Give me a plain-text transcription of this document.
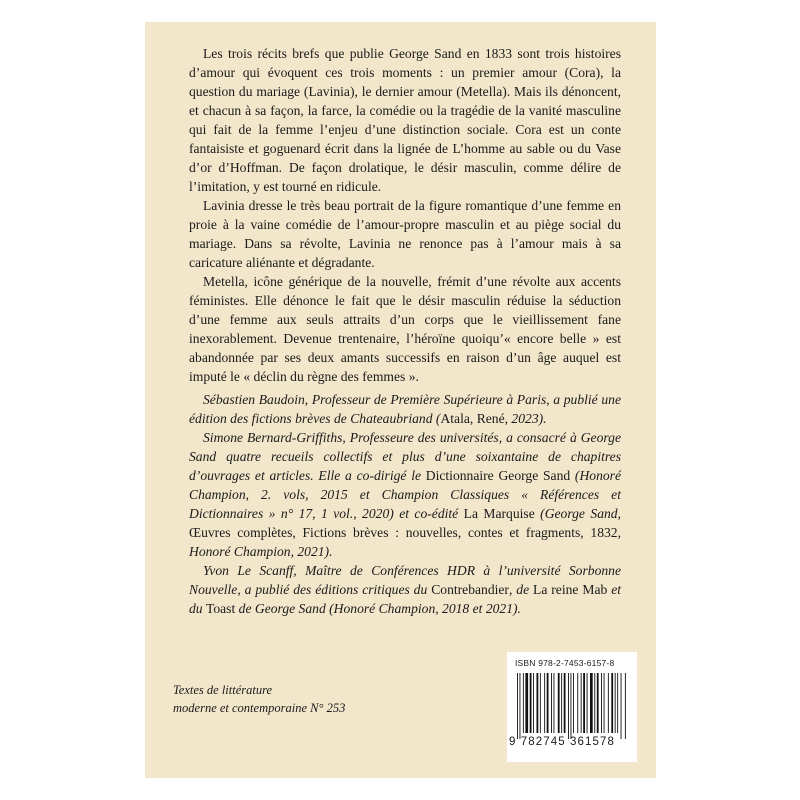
Les trois récits brefs que publie George Sand en 1833 sont trois histoires d’amour qui évoquent ces trois moments : un premier amour (Cora), la question du mariage (Lavinia), le dernier amour (Metella). Mais ils dénoncent, et chacun à sa façon, la farce, la comédie ou la tragédie de la vanité masculine qui fait de la femme l’enjeu d’une distinction sociale. Cora est un conte fantaisiste et goguenard écrit dans la lignée de L’homme au sable ou du Vase d’or d’Hoffman. De façon drolatique, le désir masculin, comme délire de l’imitation, y est tourné en ridicule.

Lavinia dresse le très beau portrait de la figure romantique d’une femme en proie à la vaine comédie de l’amour-propre masculin et au piège social du mariage. Dans sa révolte, Lavinia ne renonce pas à l’amour mais à sa caricature aliénante et dégradante.

Metella, icône générique de la nouvelle, frémit d’une révolte aux accents féministes. Elle dénonce le fait que le désir masculin réduise la séduction d’une femme aux seuls attraits d’un corps que le vieillissement fane inexorablement. Devenue trentenaire, l’héroïne quoiqu’« encore belle » est abandonnée par ses deux amants successifs en raison d’un âge auquel est imputé le « déclin du règne des femmes ».

Sébastien Baudoin, Professeur de Première Supérieure à Paris, a publié une édition des fictions brèves de Chateaubriand (Atala, René, 2023).

Simone Bernard-Griffiths, Professeure des universités, a consacré à George Sand quatre recueils collectifs et plus d’une soixantaine de chapitres d’ouvrages et articles. Elle a co-dirigé le Dictionnaire George Sand (Honoré Champion, 2. vols, 2015 et Champion Classiques « Références et Dictionnaires » n° 17, 1 vol., 2020) et co-édité La Marquise (George Sand, Œuvres complètes, Fictions brèves : nouvelles, contes et fragments, 1832, Honoré Champion, 2021).

Yvon Le Scanff, Maître de Conférences HDR à l’université Sorbonne Nouvelle, a publié des éditions critiques du Contrebandier, de La reine Mab et du Toast de George Sand (Honoré Champion, 2018 et 2021).

Textes de littérature
moderne et contemporaine N° 253
ISBN 978-2-7453-6157-8
9 782745 361578
